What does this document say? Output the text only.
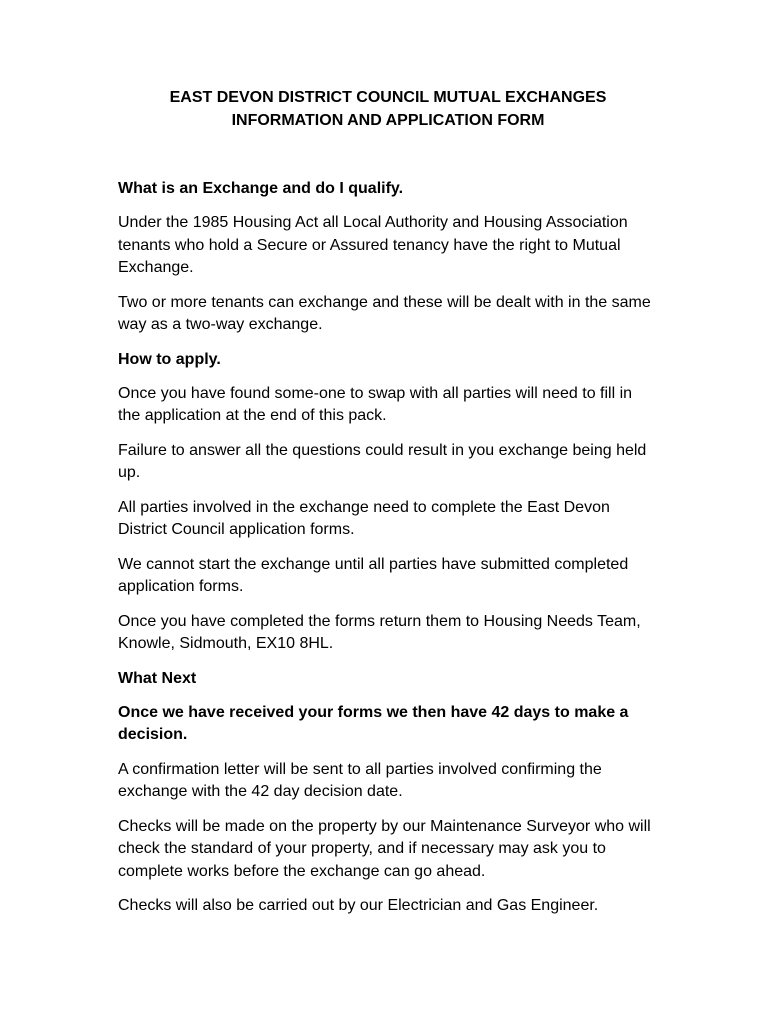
EAST DEVON DISTRICT COUNCIL MUTUAL EXCHANGES
INFORMATION AND APPLICATION FORM

What is an Exchange and do I qualify.

Under the 1985 Housing Act all Local Authority and Housing Association tenants who hold a Secure or Assured tenancy have the right to Mutual Exchange.

Two or more tenants can exchange and these will be dealt with in the same way as a two-way exchange.

How to apply.

Once you have found some-one to swap with all parties will need to fill in the application at the end of this pack.

Failure to answer all the questions could result in you exchange being held up.

All parties involved in the exchange need to complete the East Devon District Council application forms.

We cannot start the exchange until all parties have submitted completed application forms.

Once you have completed the forms return them to Housing Needs Team, Knowle, Sidmouth, EX10 8HL.

What Next

Once we have received your forms we then have 42 days to make a decision.

A confirmation letter will be sent to all parties involved confirming the exchange with the 42 day decision date.

Checks will be made on the property by our Maintenance Surveyor who will check the standard of your property, and if necessary may ask you to complete works before the exchange can go ahead.

Checks will also be carried out by our Electrician and Gas Engineer.
